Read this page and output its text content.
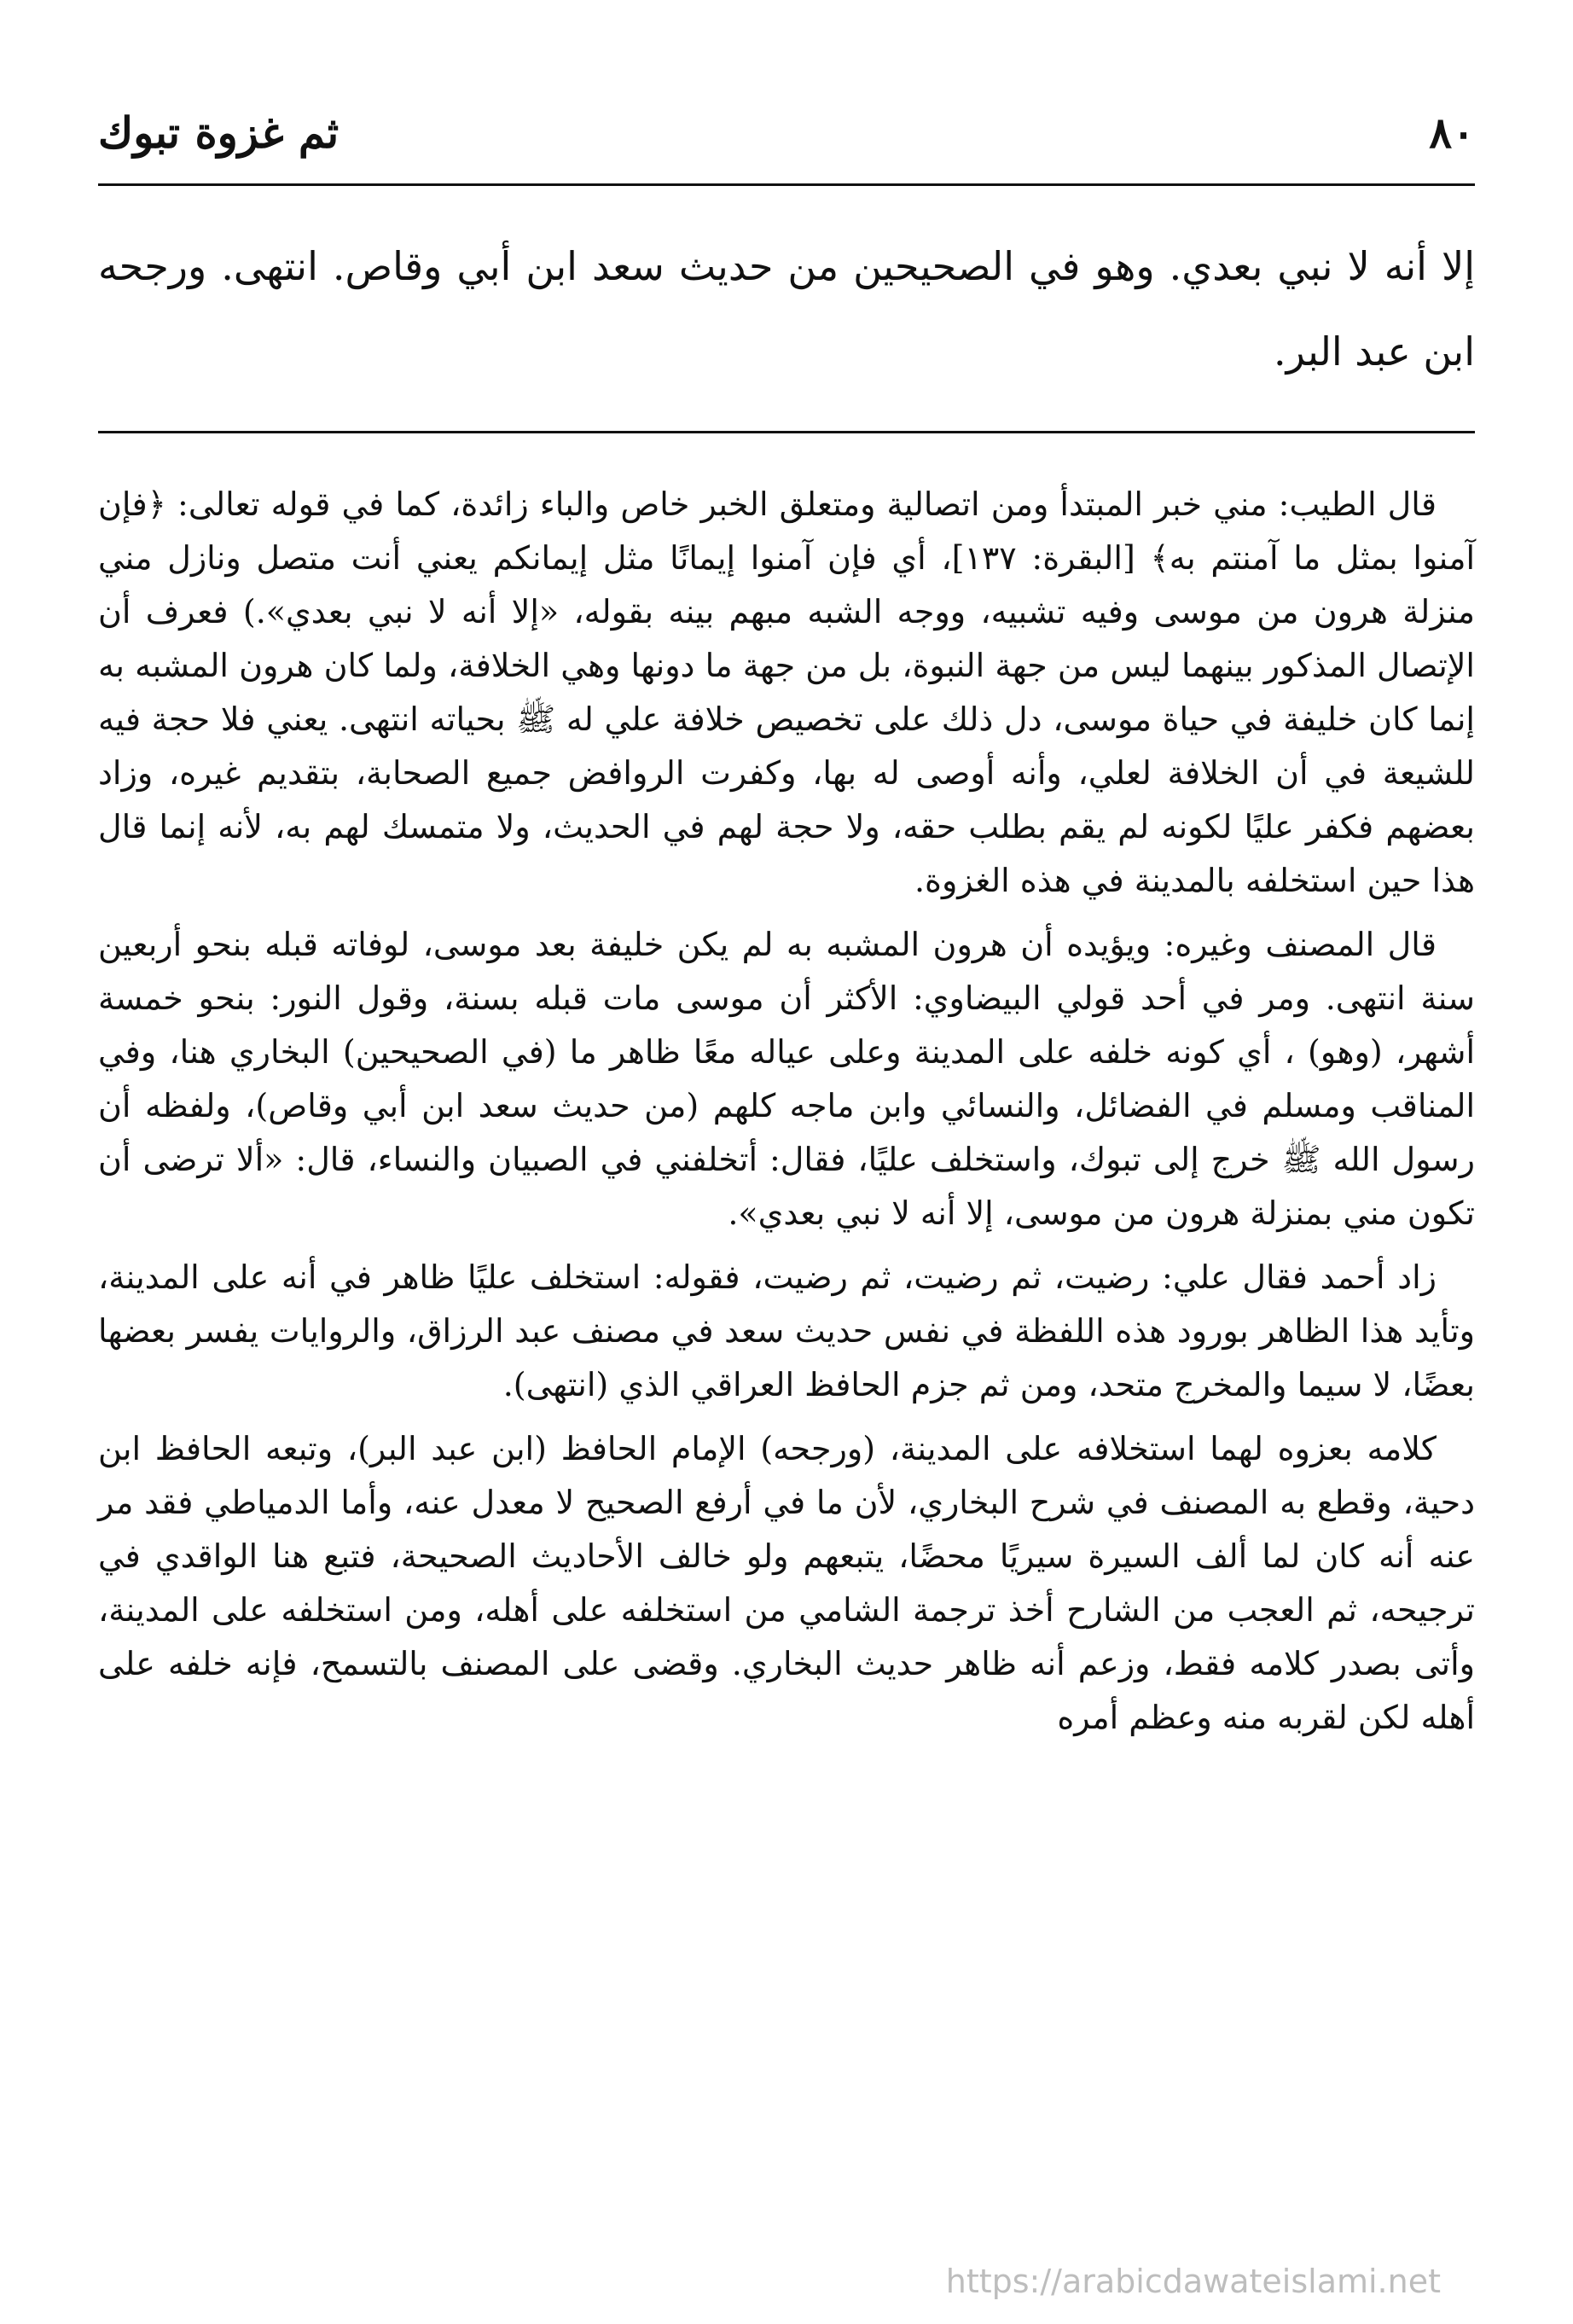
٨٠
ثم غزوة تبوك

إلا أنه لا نبي بعدي. وهو في الصحيحين من حديث سعد ابن أبي وقاص. انتهى. ورجحه ابن عبد البر.

قال الطيب: مني خبر المبتدأ ومن اتصالية ومتعلق الخبر خاص والباء زائدة، كما في قوله تعالى: ﴿فإن آمنوا بمثل ما آمنتم به﴾ [البقرة: ١٣٧]، أي فإن آمنوا إيمانًا مثل إيمانكم يعني أنت متصل ونازل مني منزلة هرون من موسى وفيه تشبيه، ووجه الشبه مبهم بينه بقوله، «إلا أنه لا نبي بعدي».) فعرف أن الإتصال المذكور بينهما ليس من جهة النبوة، بل من جهة ما دونها وهي الخلافة، ولما كان هرون المشبه به إنما كان خليفة في حياة موسى، دل ذلك على تخصيص خلافة علي له ﷺ بحياته انتهى. يعني فلا حجة فيه للشيعة في أن الخلافة لعلي، وأنه أوصى له بها، وكفرت الروافض جميع الصحابة، بتقديم غيره، وزاد بعضهم فكفر عليًا لكونه لم يقم بطلب حقه، ولا حجة لهم في الحديث، ولا متمسك لهم به، لأنه إنما قال هذا حين استخلفه بالمدينة في هذه الغزوة.

قال المصنف وغيره: ويؤيده أن هرون المشبه به لم يكن خليفة بعد موسى، لوفاته قبله بنحو أربعين سنة انتهى. ومر في أحد قولي البيضاوي: الأكثر أن موسى مات قبله بسنة، وقول النور: بنحو خمسة أشهر، (وهو) ، أي كونه خلفه على المدينة وعلى عياله معًا ظاهر ما (في الصحيحين) البخاري هنا، وفي المناقب ومسلم في الفضائل، والنسائي وابن ماجه كلهم (من حديث سعد ابن أبي وقاص)، ولفظه أن رسول الله ﷺ خرج إلى تبوك، واستخلف عليًا، فقال: أتخلفني في الصبيان والنساء، قال: «ألا ترضى أن تكون مني بمنزلة هرون من موسى، إلا أنه لا نبي بعدي».

زاد أحمد فقال علي: رضيت، ثم رضيت، ثم رضيت، فقوله: استخلف عليًا ظاهر في أنه على المدينة، وتأيد هذا الظاهر بورود هذه اللفظة في نفس حديث سعد في مصنف عبد الرزاق، والروايات يفسر بعضها بعضًا، لا سيما والمخرج متحد، ومن ثم جزم الحافظ العراقي الذي (انتهى).

كلامه بعزوه لهما استخلافه على المدينة، (ورجحه) الإمام الحافظ (ابن عبد البر)، وتبعه الحافظ ابن دحية، وقطع به المصنف في شرح البخاري، لأن ما في أرفع الصحيح لا معدل عنه، وأما الدمياطي فقد مر عنه أنه كان لما ألف السيرة سيريًا محضًا، يتبعهم ولو خالف الأحاديث الصحيحة، فتبع هنا الواقدي في ترجيحه، ثم العجب من الشارح أخذ ترجمة الشامي من استخلفه على أهله، ومن استخلفه على المدينة، وأتى بصدر كلامه فقط، وزعم أنه ظاهر حديث البخاري. وقضى على المصنف بالتسمح، فإنه خلفه على أهله لكن لقربه منه وعظم أمره

https://arabicdawateislami.net
